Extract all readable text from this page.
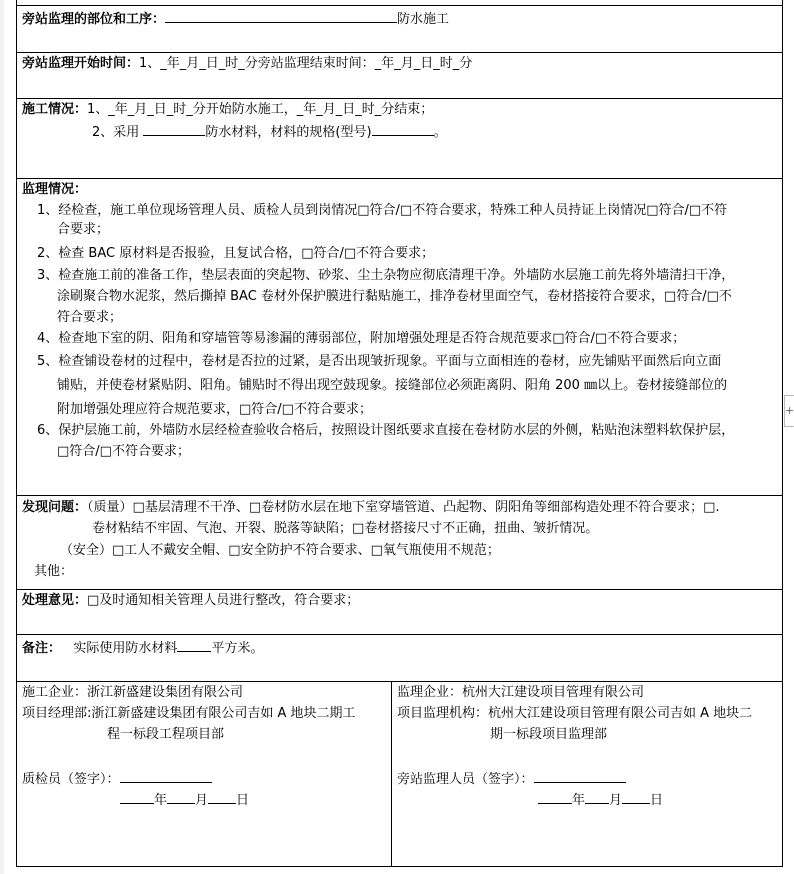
旁站监理的部位和工序：	防水施工
旁站监理开始时间：1、_年_月_日_时_分旁站监理结束时间：_年_月_日_时_分
施工情况：1、_年_月_日_时_分开始防水施工，_年_月_日_时_分结束；
2、采用	防水材料，材料的规格(型号)	。
监理情况：
1、经检查，施工单位现场管理人员、质检人员到岗情况□符合/□不符合要求，特殊工种人员持证上岗情况□符合/□不符
合要求；
2、检查 BAC 原材料是否报验，且复试合格，□符合/□不符合要求；
3、检查施工前的准备工作，垫层表面的突起物、砂浆、尘土杂物应彻底清理干净。外墙防水层施工前先将外墙清扫干净，
涂刷聚合物水泥浆，然后撕掉 BAC 卷材外保护膜进行黏贴施工，排净卷材里面空气，卷材搭接符合要求，□符合/□不
符合要求；
4、检查地下室的阴、阳角和穿墙管等易渗漏的薄弱部位，附加增强处理是否符合规范要求□符合/□不符合要求；
5、检查铺设卷材的过程中，卷材是否拉的过紧，是否出现皱折现象。平面与立面相连的卷材，应先铺贴平面然后向立面
铺贴，并使卷材紧贴阴、阳角。铺贴时不得出现空鼓现象。接缝部位必须距离阴、阳角 200 ㎜以上。卷材接缝部位的
附加增强处理应符合规范要求，□符合/□不符合要求；
6、保护层施工前，外墙防水层经检查验收合格后，按照设计图纸要求直接在卷材防水层的外侧，粘贴泡沫塑料软保护层，
□符合/□不符合要求；
发现问题：（质量）□基层清理不干净、□卷材防水层在地下室穿墙管道、凸起物、阴阳角等细部构造处理不符合要求；□.
卷材粘结不牢固、气泡、开裂、脱落等缺陷；□卷材搭接尺寸不正确，扭曲、皱折情况。
（安全）□工人不戴安全帽、□安全防护不符合要求、□氧气瓶使用不规范；
其他：
处理意见：□及时通知相关管理人员进行整改，符合要求；
备注： 实际使用防水材料	平方米。
施工企业：浙江新盛建设集团有限公司
项目经理部:浙江新盛建设集团有限公司吉如 A 地块二期工
程一标段工程项目部
质检员（签字）：
年 月 日
监理企业：杭州大江建设项目管理有限公司
项目监理机构：杭州大江建设项目管理有限公司吉如 A 地块二
期一标段项目监理部
旁站监理人员（签字）：
年 月 日
+
